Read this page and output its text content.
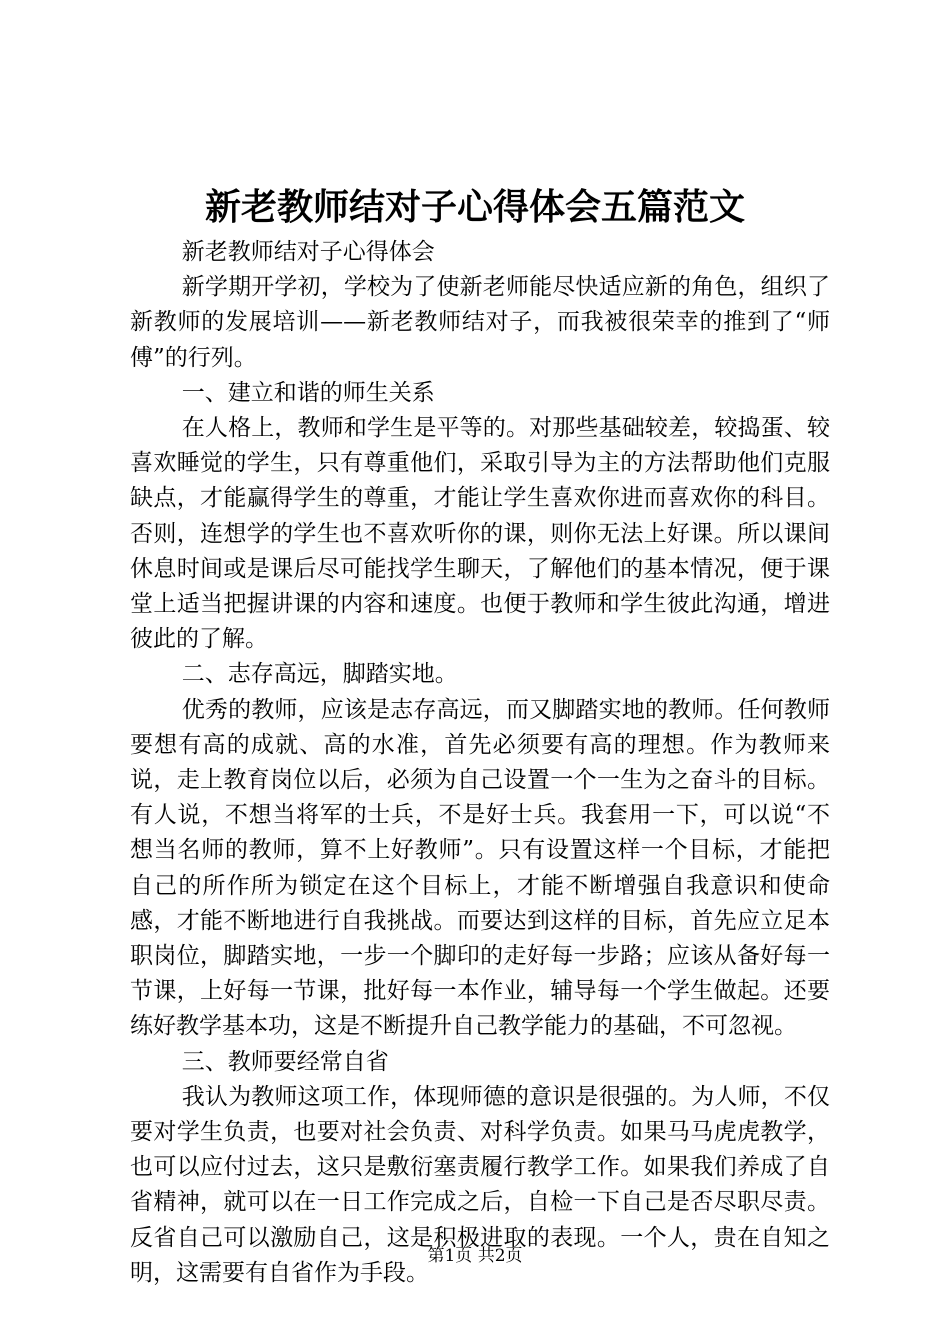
新老教师结对子心得体会五篇范文

新老教师结对子心得体会

新学期开学初，学校为了使新老师能尽快适应新的角色，组织了新教师的发展培训——新老教师结对子，而我被很荣幸的推到了“师傅”的行列。

一、建立和谐的师生关系

在人格上，教师和学生是平等的。对那些基础较差，较捣蛋、较喜欢睡觉的学生，只有尊重他们，采取引导为主的方法帮助他们克服缺点，才能赢得学生的尊重，才能让学生喜欢你进而喜欢你的科目。否则，连想学的学生也不喜欢听你的课，则你无法上好课。所以课间休息时间或是课后尽可能找学生聊天，了解他们的基本情况，便于课堂上适当把握讲课的内容和速度。也便于教师和学生彼此沟通，增进彼此的了解。

二、志存高远，脚踏实地。

优秀的教师，应该是志存高远，而又脚踏实地的教师。任何教师要想有高的成就、高的水准，首先必须要有高的理想。作为教师来说，走上教育岗位以后，必须为自己设置一个一生为之奋斗的目标。有人说，不想当将军的士兵，不是好士兵。我套用一下，可以说“不想当名师的教师，算不上好教师”。只有设置这样一个目标，才能把自己的所作所为锁定在这个目标上，才能不断增强自我意识和使命感，才能不断地进行自我挑战。而要达到这样的目标，首先应立足本职岗位，脚踏实地，一步一个脚印的走好每一步路；应该从备好每一节课，上好每一节课，批好每一本作业，辅导每一个学生做起。还要练好教学基本功，这是不断提升自己教学能力的基础，不可忽视。

三、教师要经常自省

我认为教师这项工作，体现师德的意识是很强的。为人师，不仅要对学生负责，也要对社会负责、对科学负责。如果马马虎虎教学，也可以应付过去，这只是敷衍塞责履行教学工作。如果我们养成了自省精神，就可以在一日工作完成之后，自检一下自己是否尽职尽责。反省自己可以激励自己，这是积极进取的表现。一个人，贵在自知之明，这需要有自省作为手段。

第1页 共2页
